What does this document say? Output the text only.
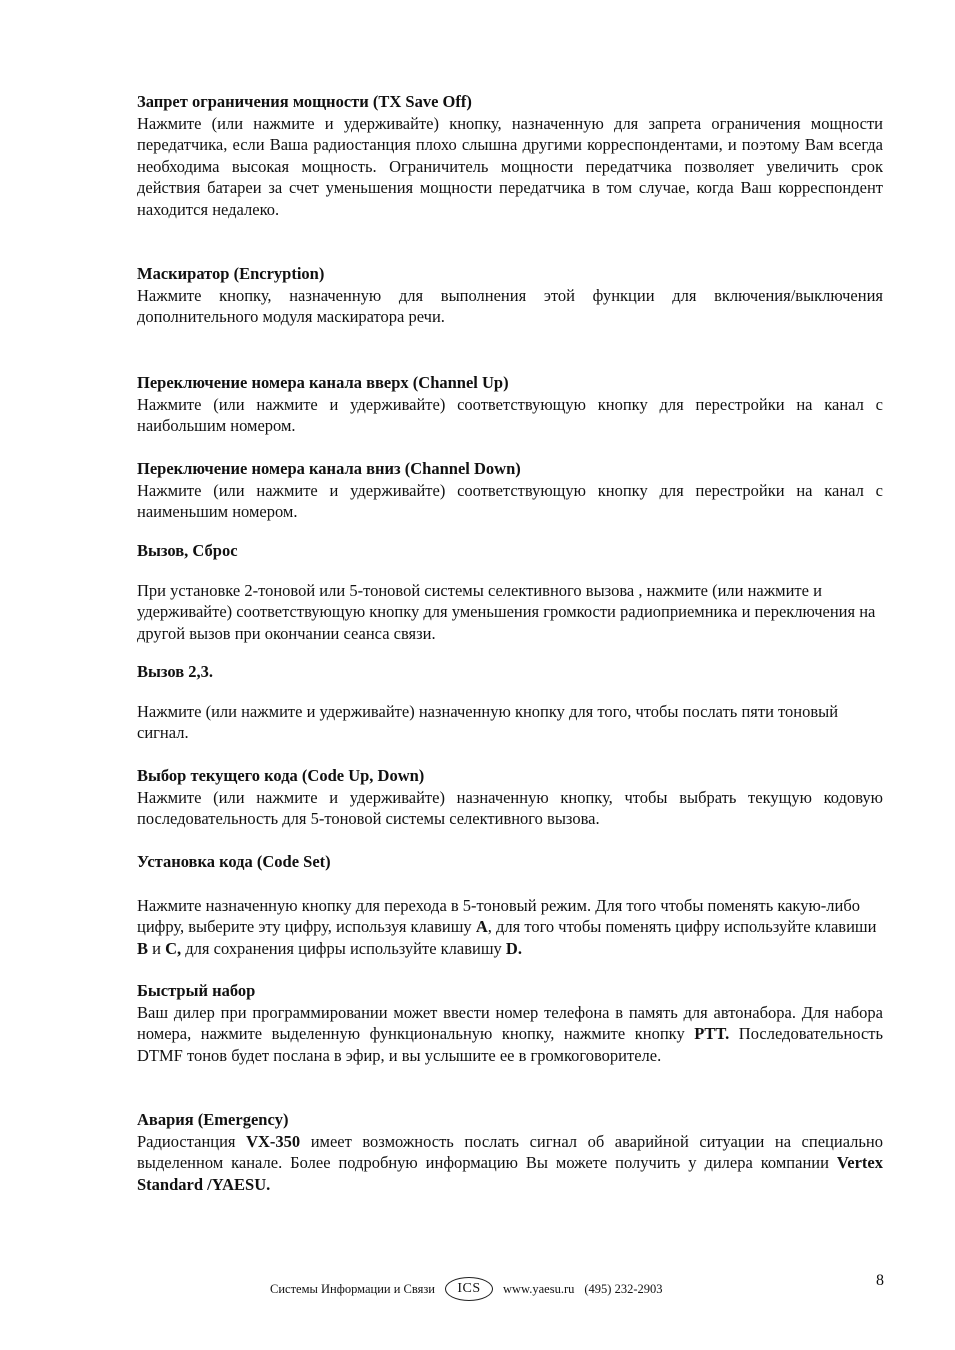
Запрет ограничения мощности (TX Save Off)

Нажмите (или нажмите и удерживайте) кнопку, назначенную для запрета ограничения мощности передатчика, если Ваша радиостанция плохо слышна другими корреспондентами, и поэтому Вам всегда необходима высокая мощность. Ограничитель мощности передатчика позволяет увеличить срок действия батареи за счет уменьшения мощности передатчика в том случае, когда Ваш корреспондент находится недалеко.

Маскиратор (Encryption)

Нажмите кнопку, назначенную для выполнения этой функции для включения/выключения дополнительного модуля маскиратора речи.

Переключение номера канала вверх (Channel Up)

Нажмите (или нажмите и удерживайте) соответствующую кнопку для перестройки на канал с наибольшим номером.

Переключение номера канала вниз (Channel Down)

Нажмите (или нажмите и удерживайте) соответствующую кнопку для перестройки на канал с наименьшим номером.

Вызов, Сброс

При установке 2-тоновой или 5-тоновой системы селективного вызова , нажмите (или нажмите и удерживайте) соответствующую кнопку для уменьшения громкости радиоприемника и переключения на другой вызов при окончании сеанса связи.

Вызов 2,3.

Нажмите (или нажмите и удерживайте) назначенную кнопку для того, чтобы послать пяти тоновый сигнал.

Выбор текущего кода (Code Up, Down)

Нажмите (или нажмите и удерживайте) назначенную кнопку, чтобы выбрать текущую кодовую последовательность для 5-тоновой системы селективного вызова.

Установка кода (Code Set)

Нажмите назначенную кнопку для перехода в 5-тоновый режим. Для того чтобы поменять какую-либо цифру, выберите эту цифру, используя клавишу A, для того чтобы поменять цифру используйте клавиши B и C, для сохранения цифры используйте клавишу D.

Быстрый набор

Ваш дилер при программировании может ввести номер телефона в память для автонабора. Для набора номера, нажмите выделенную функциональную кнопку, нажмите кнопку PTT. Последовательность DTMF тонов будет послана в эфир, и вы услышите ее в громкоговорителе.

Авария (Emergency)

Радиостанция VX-350 имеет возможность послать сигнал об аварийной ситуации на специально выделенном канале. Более подробную информацию Вы можете получить у дилера компании Vertex Standard /YAESU.

Системы Информации и Связи	ICS	www.yaesu.ru (495) 232-2903	8
